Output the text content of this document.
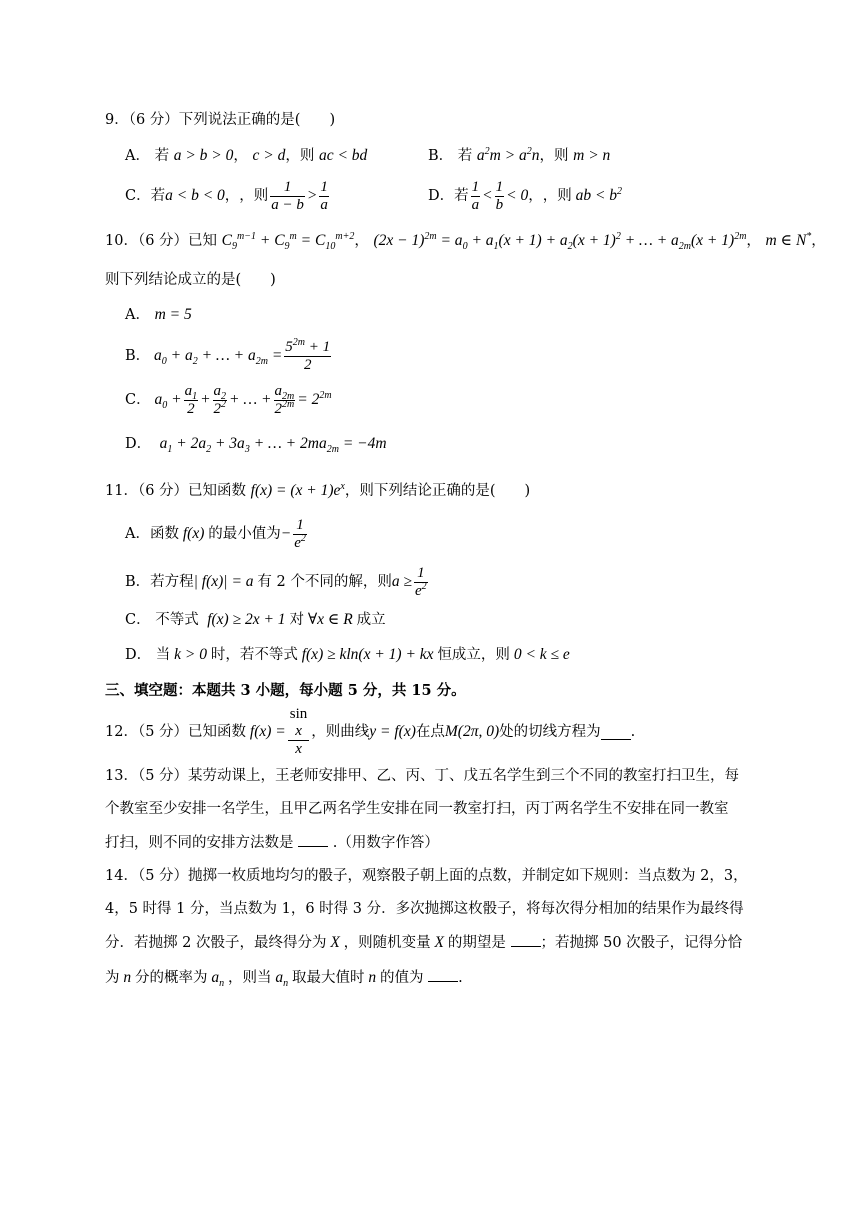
9．（6 分）下列说法正确的是(　　)
A． 若 a > b > 0， c > d，则 ac < bd	B． 若 $a^2m > a^2n$，则 m > n
C． 若 a < b < 0 ， ，则 $\frac{1}{a - b} > \frac{1}{a}$	D． 若 $\frac{1}{a} < \frac{1}{b} < 0$ ， ，则 ab < $b^2$
10．（6 分）已知 $C_9^{m-1} + C_9^m = C_{10}^{m+2}$， $(2x - 1)^{2m} = a_0 + a_1(x + 1) + a_2(x + 1)^2$ + … + $a_{2m}(x + 1)^{2m}$， m ∈ N*，
则下列结论成立的是(　　)
A． m = 5
B． $a_0 + a_2$ + … + $a_{2m} = \frac{5^{2m} + 1}{2}$
C． $a_0 + \frac{a_1}{2} + \frac{a_2}{2^2}$ + … + $\frac{a_{2m}}{2^{2m}} = 2^{2m}$
D．  $a_1 + 2a_2 + 3a_3$ + … + $2ma_{2m} = -4m$
11．（6 分）已知函数 $f(x) = (x + 1)e^x$，则下列结论正确的是(　　)
A． 函数 f(x) 的最小值为 − $\frac{1}{e^2}$
B． 若方程 | f(x)| = a 有 2 个不同的解，则 $a \ge \frac{1}{e^2}$
C． 不等式  f(x) ≥ 2x + 1 对 ∀x ∈ R 成立
D． 当 k > 0 时，若不等式 f(x) ≥ kln(x + 1) + kx 恒成立，则 0 < k ≤ e
三、填空题：本题共 3 小题，每小题 5 分，共 15 分。
12．（5 分）已知函数 f(x) = sin
x
x ，则曲线 y = f(x) 在点 M(2π, 0) 处的切线方程为 .
13．（5 分）某劳动课上，王老师安排甲、乙、丙、丁、戊五名学生到三个不同的教室打扫卫生，每
个教室至少安排一名学生，且甲乙两名学生安排在同一教室打扫，丙丁两名学生不安排在同一教室
打扫，则不同的安排方法数是	.（用数字作答）
14．（5 分）抛掷一枚质地均匀的骰子，观察骰子朝上面的点数，并制定如下规则：当点数为 2，3，
4，5 时得 1 分，当点数为 1，6 时得 3 分．多次抛掷这枚骰子，将每次得分相加的结果作为最终得
分．若抛掷 2 次骰子，最终得分为 X ，则随机变量 X 的期望是 ；若抛掷 50 次骰子，记得分恰
为 n 分的概率为 $a_n$ ，则当 $a_n$ 取最大值时 n 的值为 .
